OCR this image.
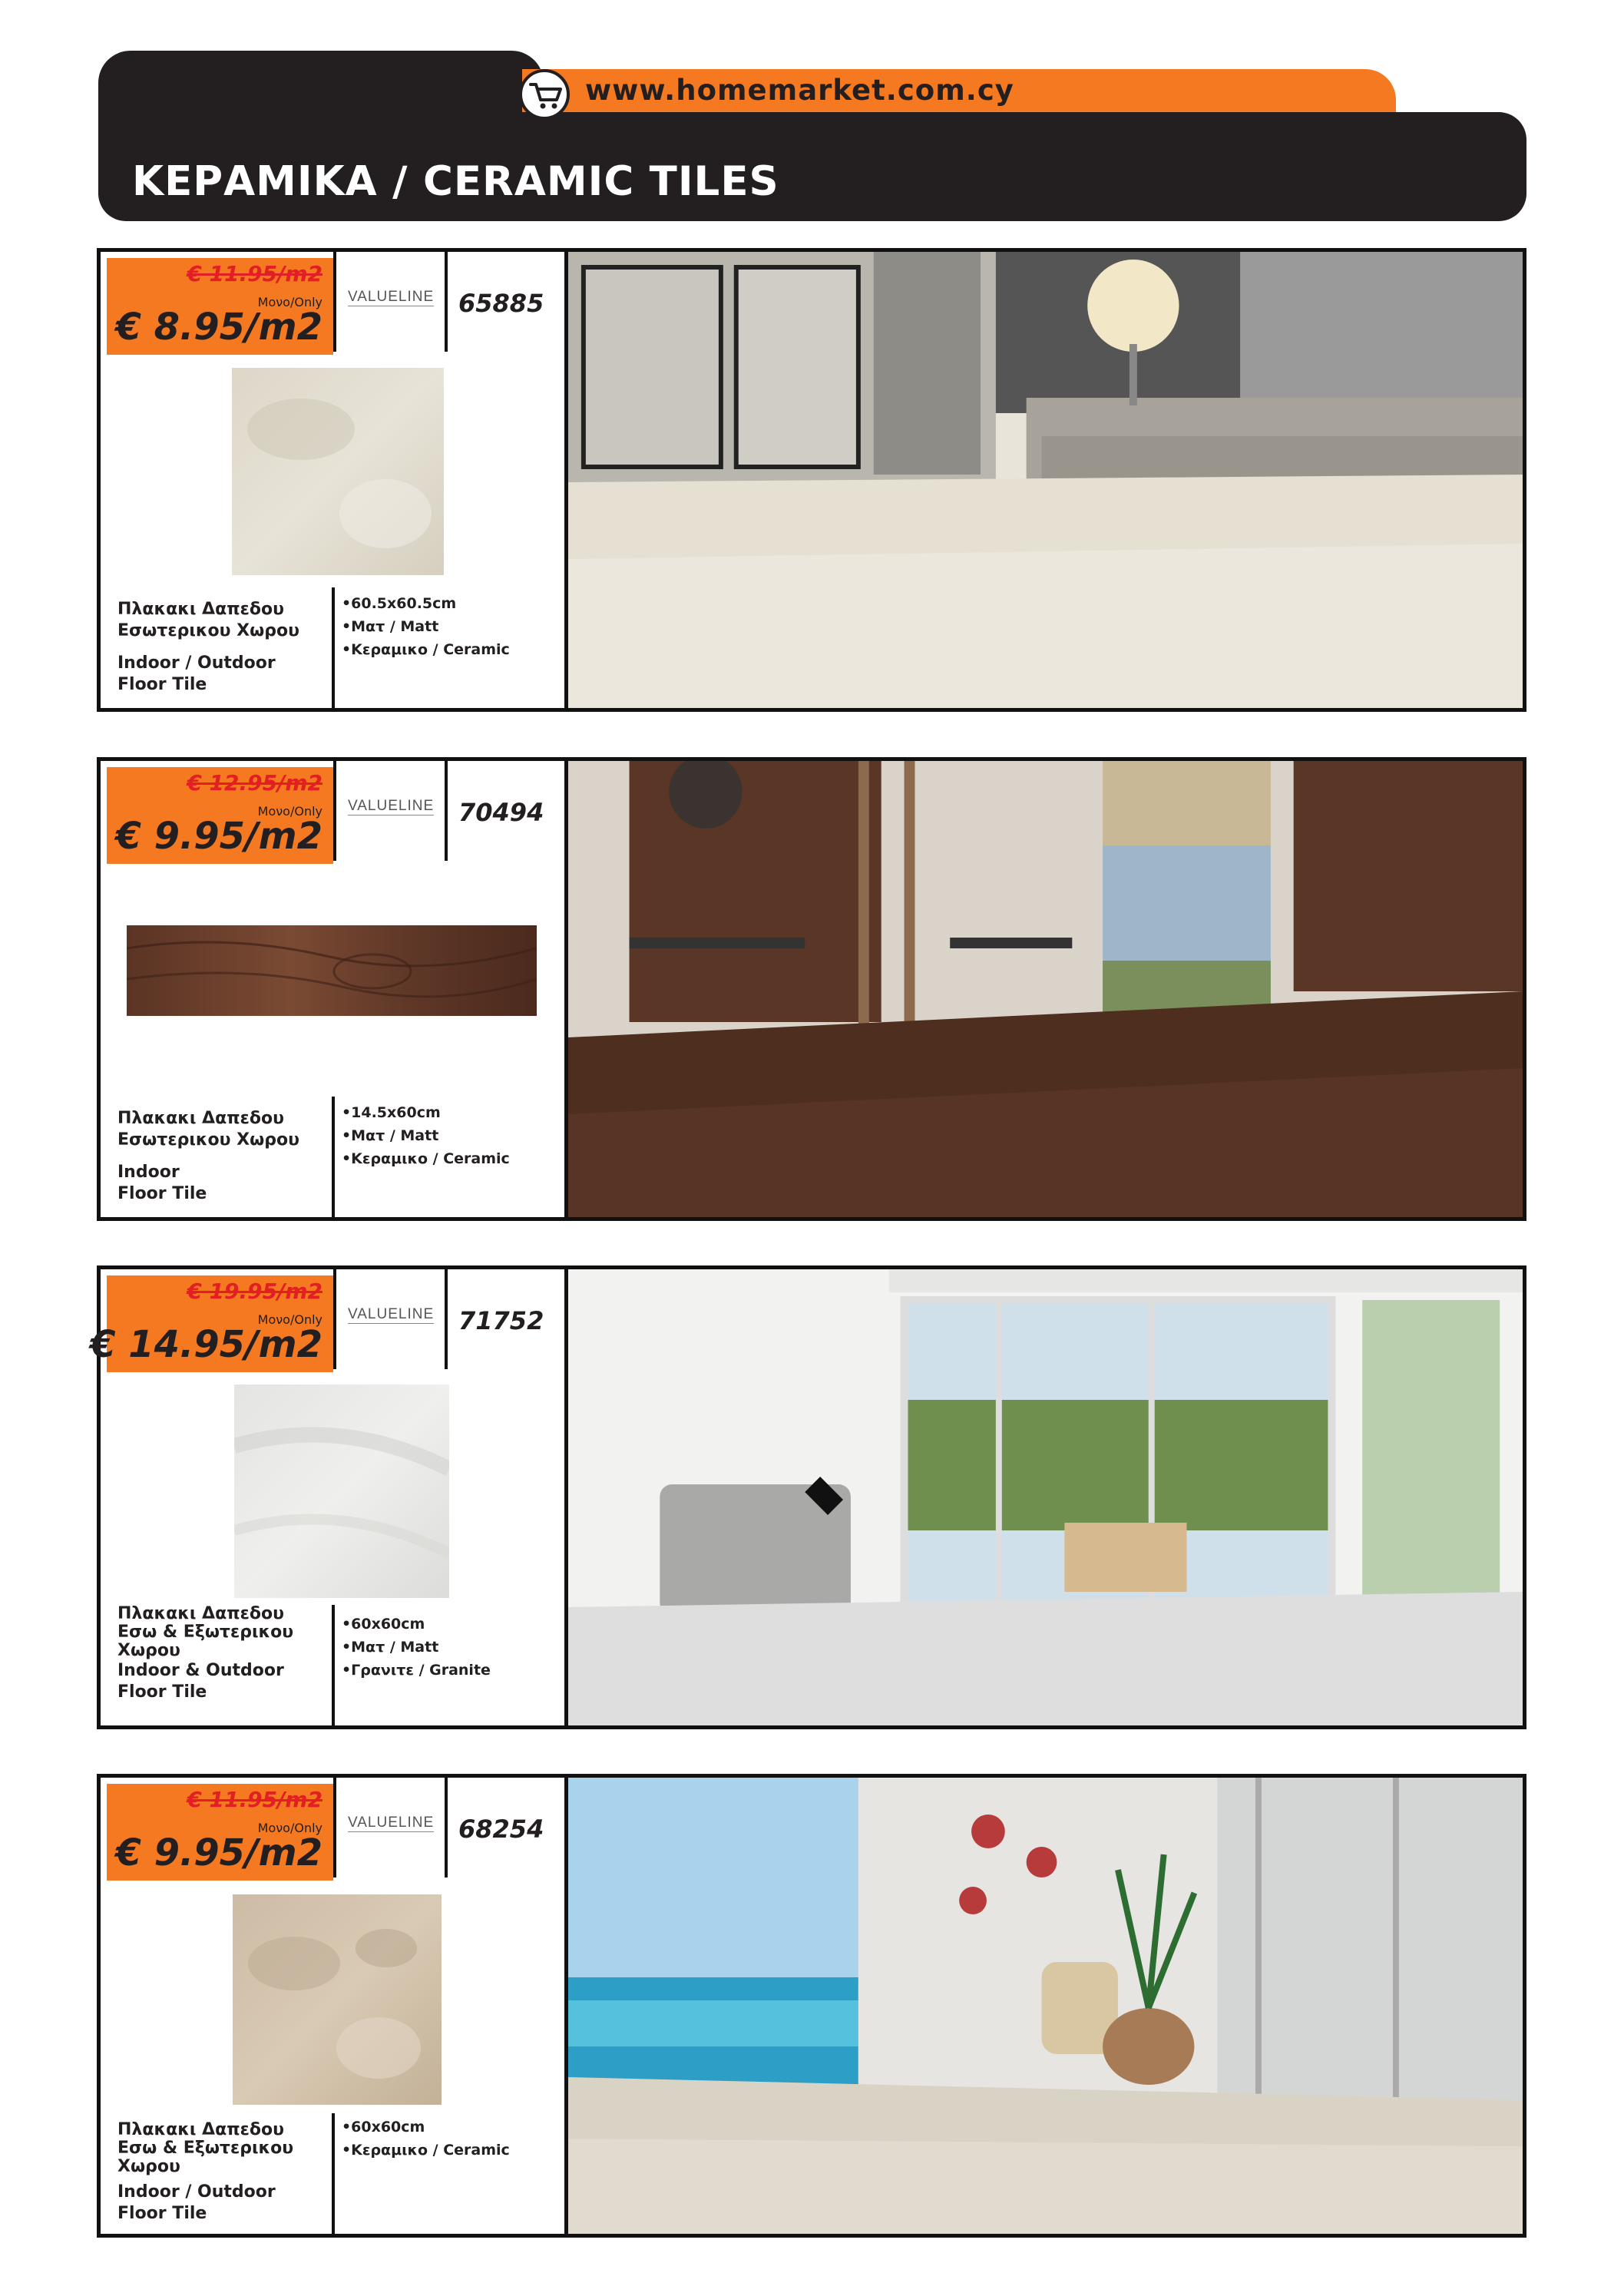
www.homemarket.com.cy
ΚΕΡΑΜΙΚΑ / CERAMIC TILES
€ 11.95/m2
Μονο/Only
€ 8.95/m2
VALUELINE 65885
Πλακακι Δαπεδου
Εσωτερικου Χωρου
Indoor / Outdoor
Floor Tile
•60.5x60.5cm
•Ματ / Matt
•Κεραμικο / Ceramic
€ 12.95/m2
Μονο/Only
€ 9.95/m2
VALUELINE 70494
Πλακακι Δαπεδου
Εσωτερικου Χωρου
Indoor
Floor Tile
•14.5x60cm
•Ματ / Matt
•Κεραμικο / Ceramic
€ 19.95/m2
Μονο/Only
€ 14.95/m2
VALUELINE 71752
Πλακακι Δαπεδου
Εσω & Εξωτερικου
Χωρου
Indoor & Outdoor
Floor Tile
•60x60cm
•Ματ / Matt
•Γρανιτε / Granite
€ 11.95/m2
Μονο/Only
€ 9.95/m2
VALUELINE 68254
Πλακακι Δαπεδου
Εσω & Εξωτερικου
Χωρου
Indoor / Outdoor
Floor Tile
•60x60cm
•Κεραμικο / Ceramic
